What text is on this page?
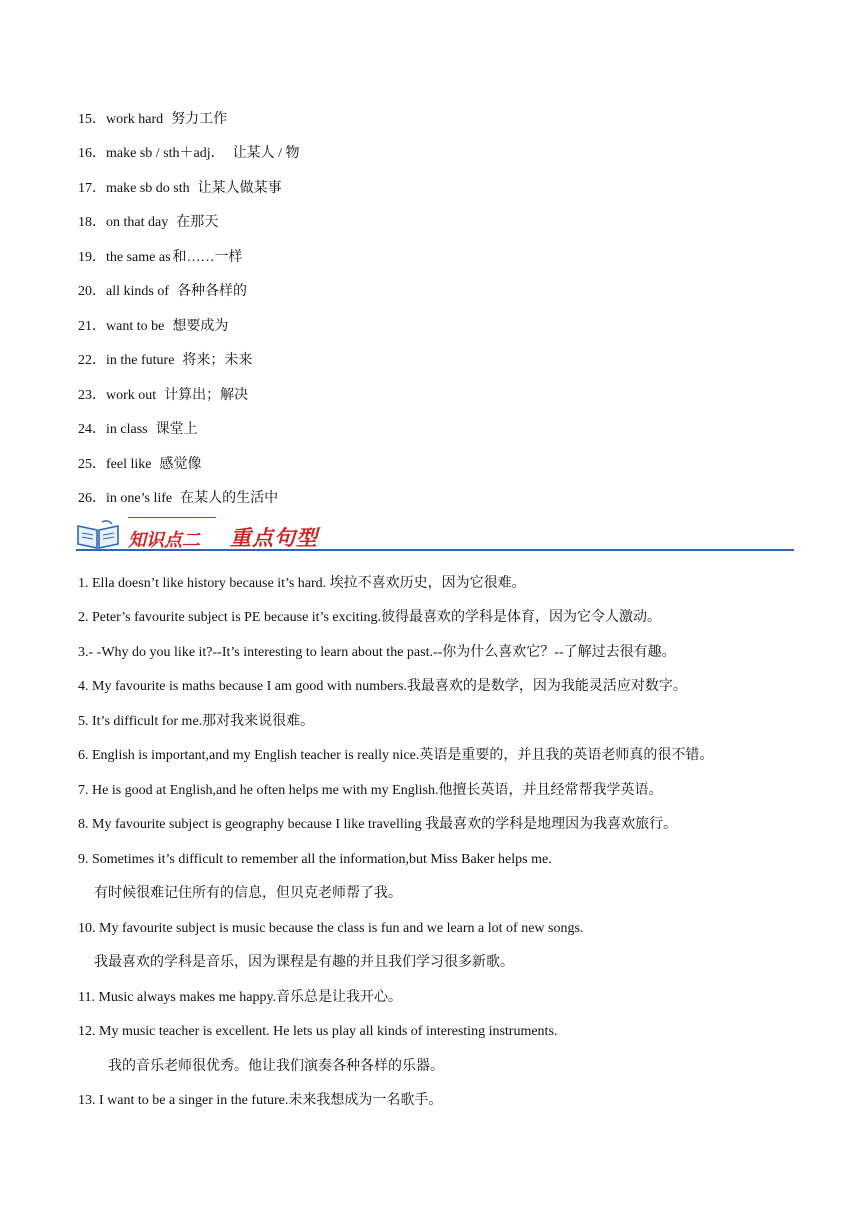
15．work hard 努力工作
16．make sb / sth＋adj． 让某人 / 物
17．make sb do sth 让某人做某事
18．on that day 在那天
19．the same as 和……一样
20．all kinds of 各种各样的
21．want to be 想要成为
22．in the future 将来；未来
23．work out 计算出；解决
24．in class 课堂上
25．feel like 感觉像
26．in one’s life 在某人的生活中
知识点二 重点句型
1. Ella doesn’t like history because it’s hard. 埃拉不喜欢历史，因为它很难。
2. Peter’s favourite subject is PE because it’s exciting.彼得最喜欢的学科是体育，因为它令人激动。
3.- -Why do you like it?--It’s interesting to learn about the past.--你为什么喜欢它？--了解过去很有趣。
4. My favourite is maths because I am good with numbers.我最喜欢的是数学，因为我能灵活应对数字。
5. It’s difficult for me.那对我来说很难。
6. English is important,and my English teacher is really nice.英语是重要的，并且我的英语老师真的很不错。
7. He is good at English,and he often helps me with my English.他擅长英语，并且经常帮我学英语。
8. My favourite subject is geography because I like travelling 我最喜欢的学科是地理因为我喜欢旅行。
9. Sometimes it’s difficult to remember all the information,but Miss Baker helps me.
有时候很难记住所有的信息，但贝克老师帮了我。
10. My favourite subject is music because the class is fun and we learn a lot of new songs.
我最喜欢的学科是音乐，因为课程是有趣的并且我们学习很多新歌。
11. Music always makes me happy.音乐总是让我开心。
12. My music teacher is excellent. He lets us play all kinds of interesting instruments.
我的音乐老师很优秀。他让我们演奏各种各样的乐器。
13. I want to be a singer in the future.未来我想成为一名歌手。
